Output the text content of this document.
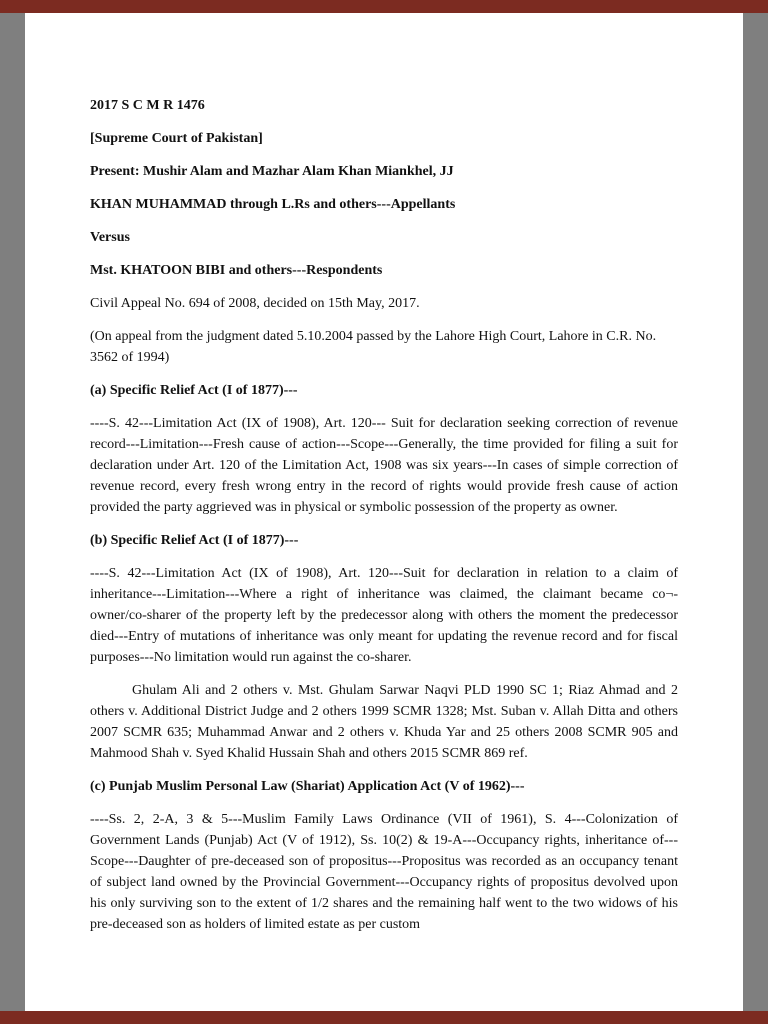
2017 S C M R 1476

[Supreme Court of Pakistan]

Present: Mushir Alam and Mazhar Alam Khan Miankhel, JJ

KHAN MUHAMMAD through L.Rs and others---Appellants

Versus

Mst. KHATOON BIBI and others---Respondents

Civil Appeal No. 694 of 2008, decided on 15th May, 2017.

(On appeal from the judgment dated 5.10.2004 passed by the Lahore High Court, Lahore in C.R. No. 3562 of 1994)

(a) Specific Relief Act (I of 1877)---

----S. 42---Limitation Act (IX of 1908), Art. 120--- Suit for declaration seeking correction of revenue record---Limitation---Fresh cause of action---Scope---Generally, the time provided for filing a suit for declaration under Art. 120 of the Limitation Act, 1908 was six years---In cases of simple correction of revenue record, every fresh wrong entry in the record of rights would provide fresh cause of action provided the party aggrieved was in physical or symbolic possession of the property as owner.

(b) Specific Relief Act (I of 1877)---

----S. 42---Limitation Act (IX of 1908), Art. 120---Suit for declaration in relation to a claim of inheritance---Limitation---Where a right of inheritance was claimed, the claimant became co¬-owner/co-sharer of the property left by the predecessor along with others the moment the predecessor died---Entry of mutations of inheritance was only meant for updating the revenue record and for fiscal purposes---No limitation would run against the co-sharer.

Ghulam Ali and 2 others v. Mst. Ghulam Sarwar Naqvi PLD 1990 SC 1; Riaz Ahmad and 2 others v. Additional District Judge and 2 others 1999 SCMR 1328; Mst. Suban v. Allah Ditta and others 2007 SCMR 635; Muhammad Anwar and 2 others v. Khuda Yar and 25 others 2008 SCMR 905 and Mahmood Shah v. Syed Khalid Hussain Shah and others 2015 SCMR 869 ref.

(c) Punjab Muslim Personal Law (Shariat) Application Act (V of 1962)---

----Ss. 2, 2-A, 3 & 5---Muslim Family Laws Ordinance (VII of 1961), S. 4---Colonization of Government Lands (Punjab) Act (V of 1912), Ss. 10(2) & 19-A---Occupancy rights, inheritance of---Scope---Daughter of pre-deceased son of propositus---Propositus was recorded as an occupancy tenant of subject land owned by the Provincial Government---Occupancy rights of propositus devolved upon his only surviving son to the extent of 1/2 shares and the remaining half went to the two widows of his pre-deceased son as holders of limited estate as per custom
